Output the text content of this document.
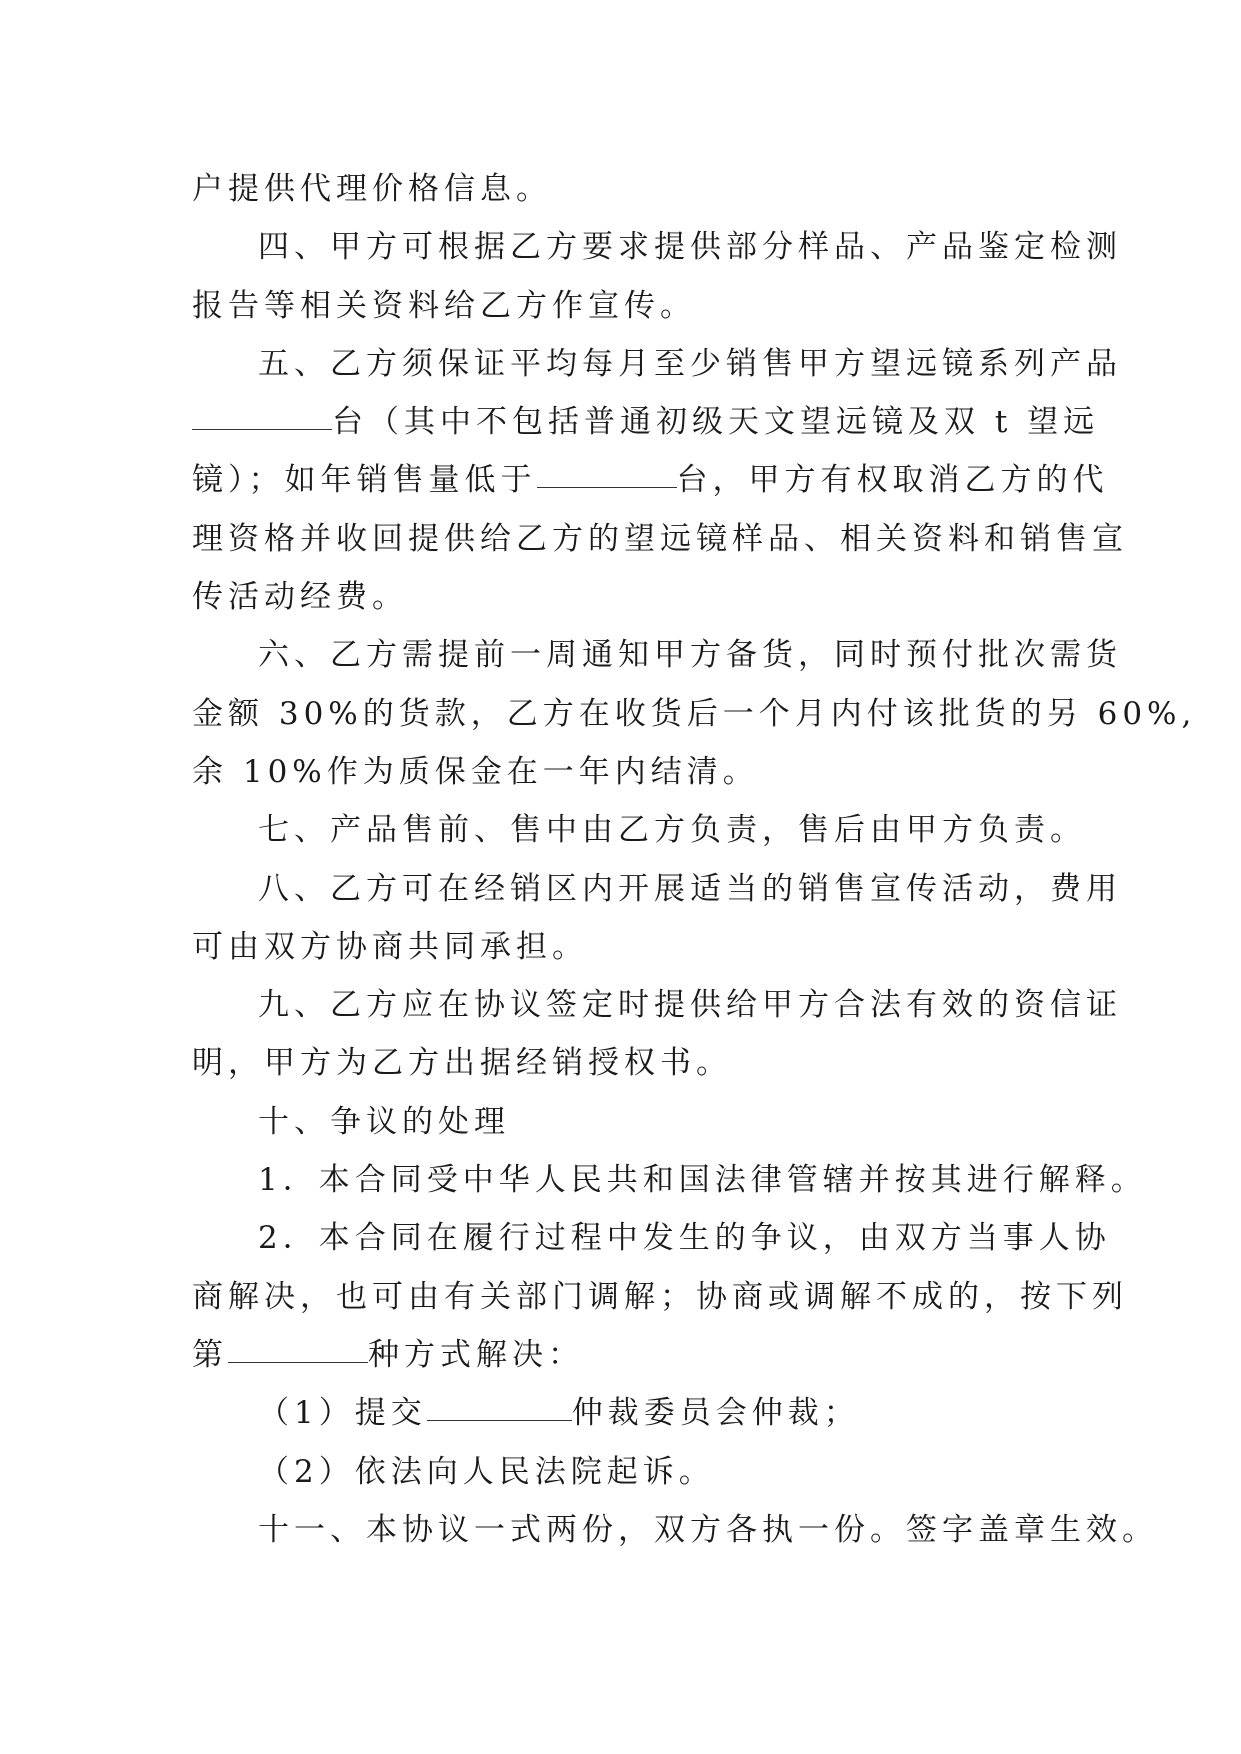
户提供代理价格信息。
四、甲方可根据乙方要求提供部分样品、产品鉴定检测
报告等相关资料给乙方作宣传。
五、乙方须保证平均每月至少销售甲方望远镜系列产品
台（其中不包括普通初级天文望远镜及双 t 望远
镜）；如年销售量低于	台，甲方有权取消乙方的代
理资格并收回提供给乙方的望远镜样品、相关资料和销售宣
传活动经费。
六、乙方需提前一周通知甲方备货，同时预付批次需货
金额 30%的货款，乙方在收货后一个月内付该批货的另 60%,
余 10%作为质保金在一年内结清。
七、产品售前、售中由乙方负责，售后由甲方负责。
八、乙方可在经销区内开展适当的销售宣传活动，费用
可由双方协商共同承担。
九、乙方应在协议签定时提供给甲方合法有效的资信证
明，甲方为乙方出据经销授权书。
十、争议的处理
1．本合同受中华人民共和国法律管辖并按其进行解释。
2．本合同在履行过程中发生的争议，由双方当事人协
商解决，也可由有关部门调解；协商或调解不成的，按下列
第	种方式解决：
（1）提交	仲裁委员会仲裁；
（2）依法向人民法院起诉。
十一、本协议一式两份，双方各执一份。签字盖章生效。
